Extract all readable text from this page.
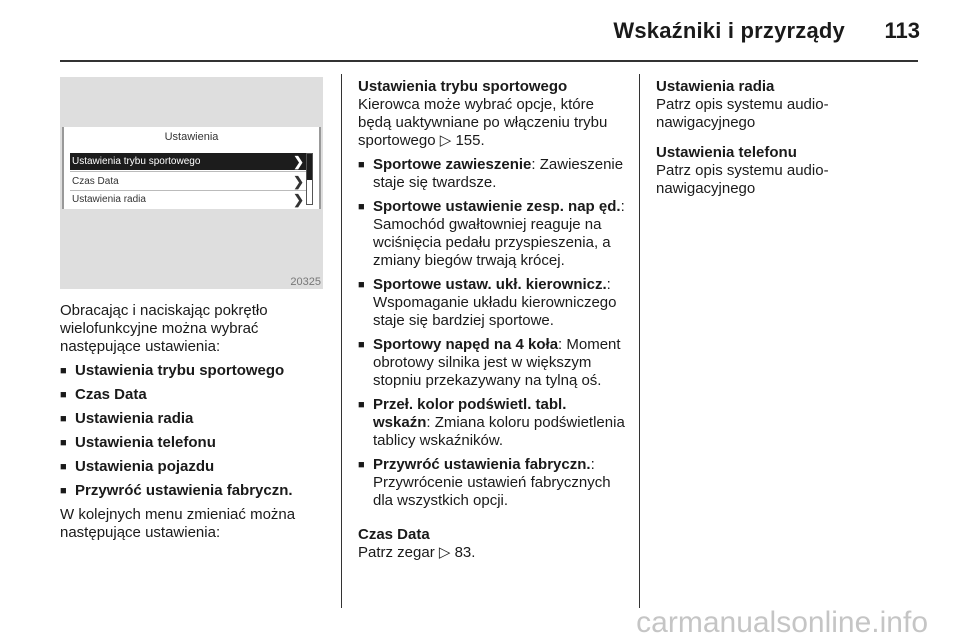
Wskaźniki i przyrządy 113
Ustawienia
Ustawienia trybu sportowego	❯
Czas Data	❯
Ustawienia radia	❯
20325

Obracając i naciskając pokrętło wielofunkcyjne można wybrać następujące ustawienia:

■ Ustawienia trybu sportowego
■ Czas Data
■ Ustawienia radia
■ Ustawienia telefonu
■ Ustawienia pojazdu
■ Przywróć ustawienia fabryczn.

W kolejnych menu zmieniać można następujące ustawienia:

Ustawienia trybu sportowego

Kierowca może wybrać opcje, które będą uaktywniane po włączeniu trybu sportowego ▷ 155.

■ Sportowe zawieszenie: Zawieszenie staje się twardsze.
■ Sportowe ustawienie zesp. nap ęd.: Samochód gwałtowniej reaguje na wciśnięcia pedału przyspieszenia, a zmiany biegów trwają krócej.
■ Sportowe ustaw. ukł. kierownicz.: Wspomaganie układu kierowniczego staje się bardziej sportowe.
■ Sportowy napęd na 4 koła: Moment obrotowy silnika jest w większym stopniu przekazywany na tylną oś.
■ Przeł. kolor podświetl. tabl. wskaźn: Zmiana koloru podświetlenia tablicy wskaźników.
■ Przywróć ustawienia fabryczn.: Przywrócenie ustawień fabrycznych dla wszystkich opcji.

Czas Data

Patrz zegar ▷ 83.

Ustawienia radia

Patrz opis systemu audio-nawigacyjnego

Ustawienia telefonu

Patrz opis systemu audio-nawigacyjnego

carmanualsonline.info
